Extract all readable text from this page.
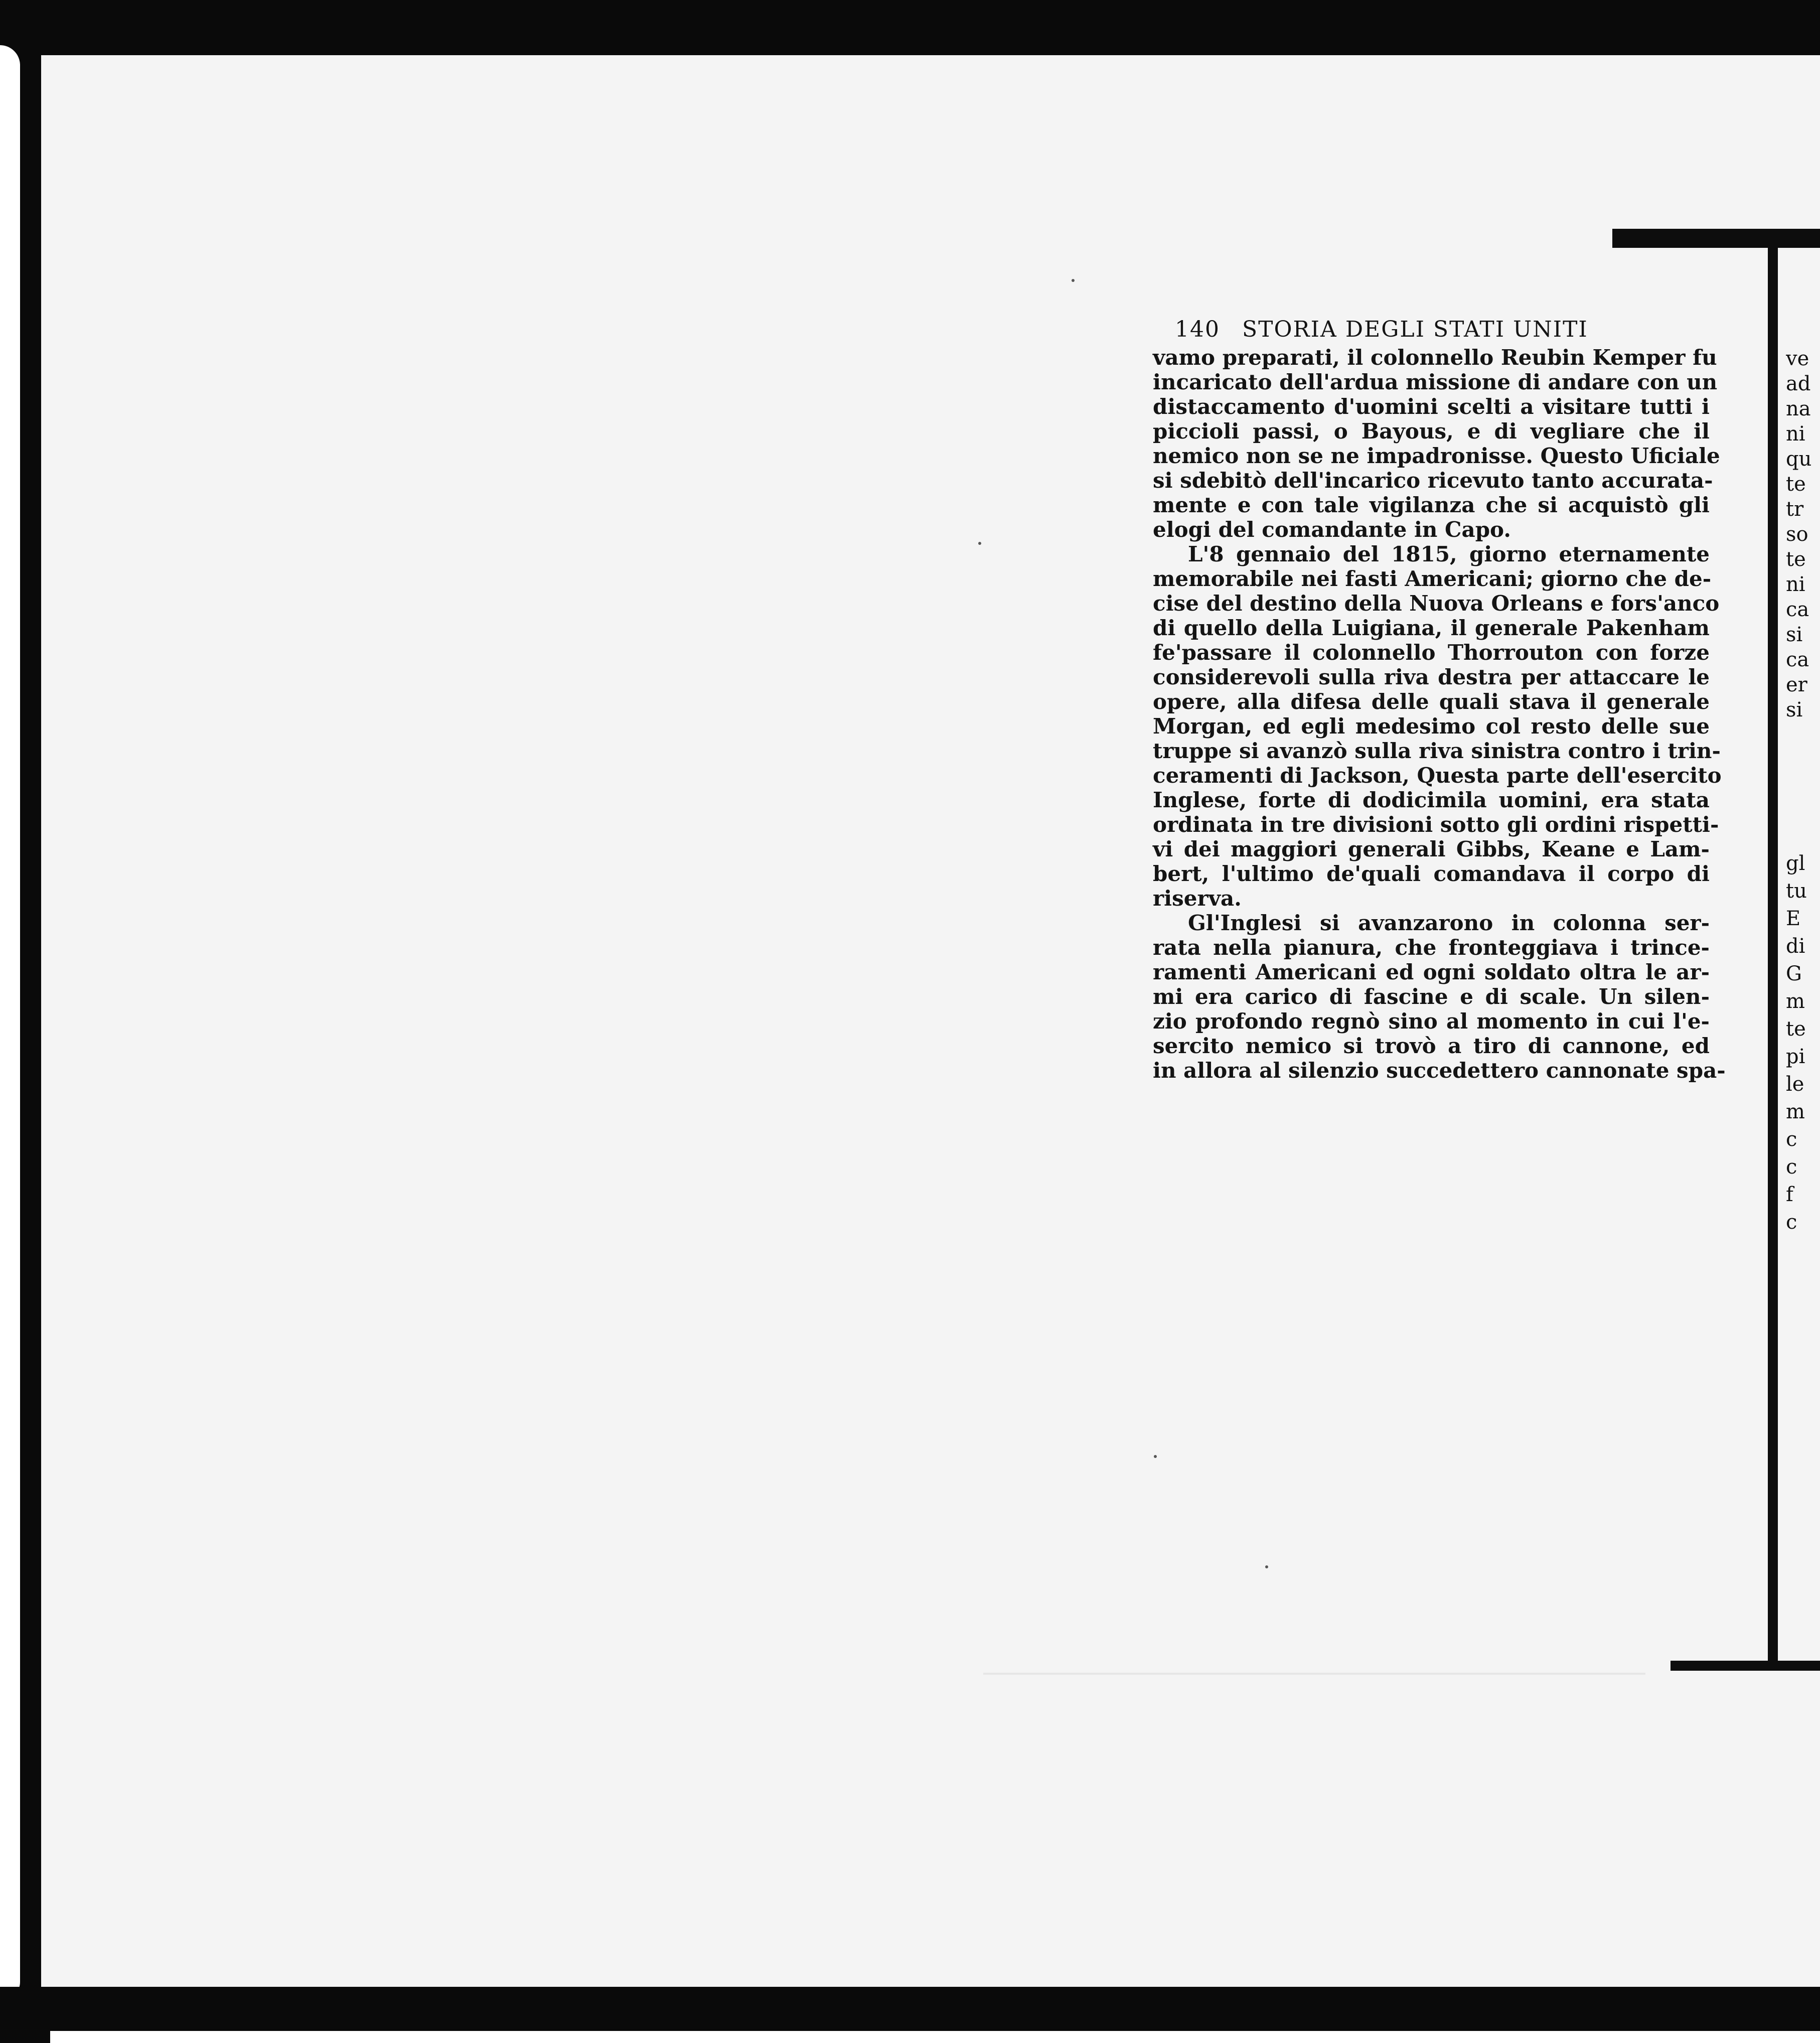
ve
ad
na
ni
qu
te
tr
so
te
ni
ca
si
ca
er
si
gl
tu
E
di
G
m
te
pi
le
m
c
c
f
c
140 STORIA DEGLI STATI UNITI
vamo preparati, il colonnello Reubin Kemper fu
incaricato dell'ardua missione di andare con un
distaccamento d'uomini scelti a visitare tutti i
piccioli passi, o Bayous, e di vegliare che il
nemico non se ne impadronisse. Questo Uficiale
si sdebitò dell'incarico ricevuto tanto accurata-
mente e con tale vigilanza che si acquistò gli
elogi del comandante in Capo.
L'8 gennaio del 1815, giorno eternamente
memorabile nei fasti Americani; giorno che de-
cise del destino della Nuova Orleans e fors'anco
di quello della Luigiana, il generale Pakenham
fe'passare il colonnello Thorrouton con forze
considerevoli sulla riva destra per attaccare le
opere, alla difesa delle quali stava il generale
Morgan, ed egli medesimo col resto delle sue
truppe si avanzò sulla riva sinistra contro i trin-
ceramenti di Jackson, Questa parte dell'esercito
Inglese, forte di dodicimila uomini, era stata
ordinata in tre divisioni sotto gli ordini rispetti-
vi dei maggiori generali Gibbs, Keane e Lam-
bert, l'ultimo de'quali comandava il corpo di
riserva.
Gl'Inglesi si avanzarono in colonna ser-
rata nella pianura, che fronteggiava i trince-
ramenti Americani ed ogni soldato oltra le ar-
mi era carico di fascine e di scale. Un silen-
zio profondo regnò sino al momento in cui l'e-
sercito nemico si trovò a tiro di cannone, ed
in allora al silenzio succedettero cannonate spa-
